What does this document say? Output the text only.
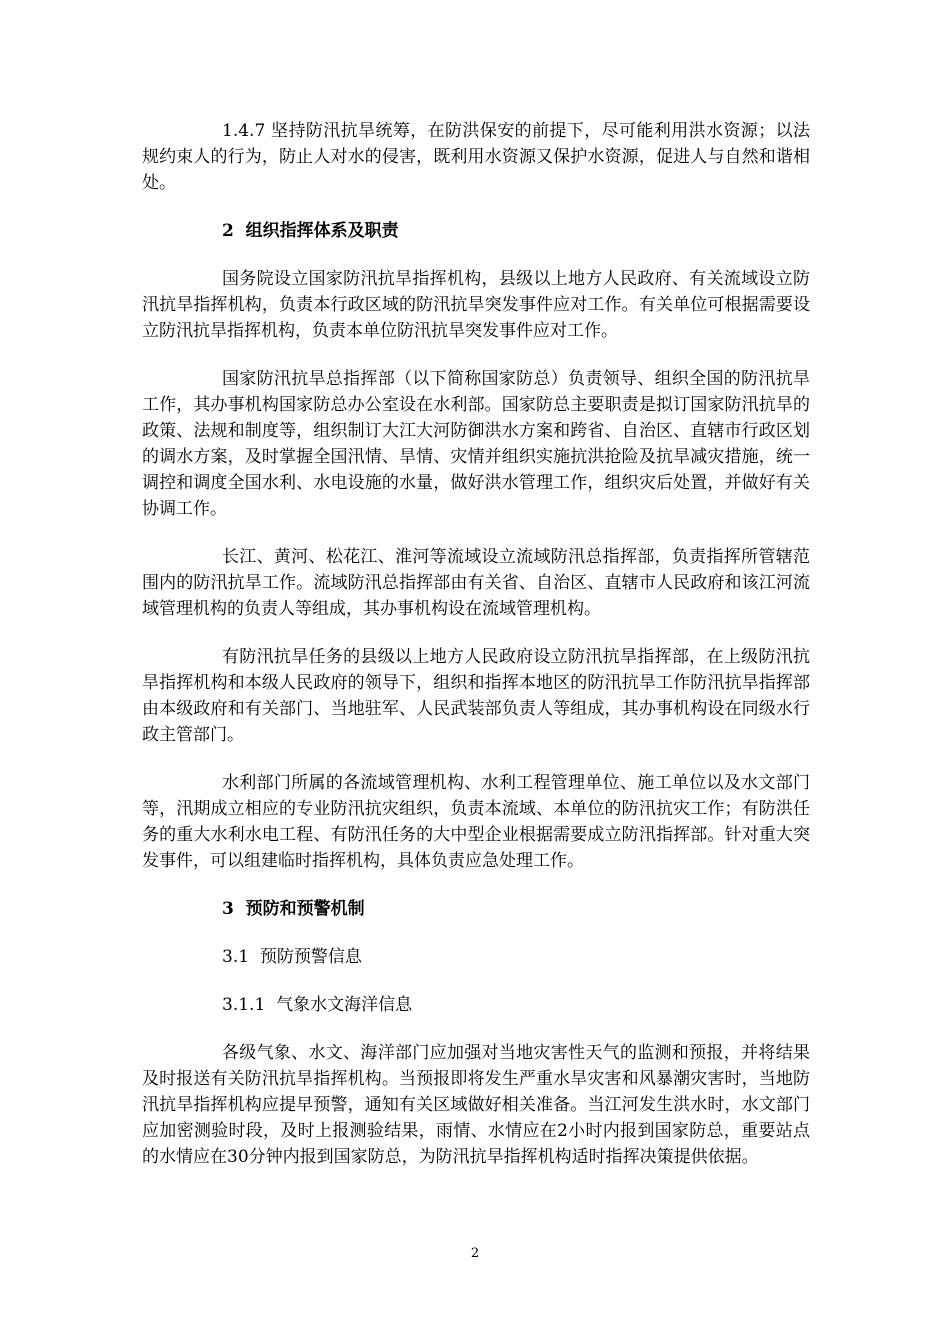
1.4.7 坚持防汛抗旱统筹，在防洪保安的前提下，尽可能利用洪水资源；以法规约束人的行为，防止人对水的侵害，既利用水资源又保护水资源，促进人与自然和谐相处。

2  组织指挥体系及职责

国务院设立国家防汛抗旱指挥机构，县级以上地方人民政府、有关流域设立防汛抗旱指挥机构，负责本行政区域的防汛抗旱突发事件应对工作。有关单位可根据需要设立防汛抗旱指挥机构，负责本单位防汛抗旱突发事件应对工作。

国家防汛抗旱总指挥部（以下简称国家防总）负责领导、组织全国的防汛抗旱工作，其办事机构国家防总办公室设在水利部。国家防总主要职责是拟订国家防汛抗旱的政策、法规和制度等，组织制订大江大河防御洪水方案和跨省、自治区、直辖市行政区划的调水方案，及时掌握全国汛情、旱情、灾情并组织实施抗洪抢险及抗旱减灾措施，统一调控和调度全国水利、水电设施的水量，做好洪水管理工作，组织灾后处置，并做好有关协调工作。

长江、黄河、松花江、淮河等流域设立流域防汛总指挥部，负责指挥所管辖范围内的防汛抗旱工作。流域防汛总指挥部由有关省、自治区、直辖市人民政府和该江河流域管理机构的负责人等组成，其办事机构设在流域管理机构。

有防汛抗旱任务的县级以上地方人民政府设立防汛抗旱指挥部，在上级防汛抗旱指挥机构和本级人民政府的领导下，组织和指挥本地区的防汛抗旱工作防汛抗旱指挥部由本级政府和有关部门、当地驻军、人民武装部负责人等组成，其办事机构设在同级水行政主管部门。

水利部门所属的各流域管理机构、水利工程管理单位、施工单位以及水文部门等，汛期成立相应的专业防汛抗灾组织，负责本流域、本单位的防汛抗灾工作；有防洪任务的重大水利水电工程、有防汛任务的大中型企业根据需要成立防汛指挥部。针对重大突发事件，可以组建临时指挥机构，具体负责应急处理工作。

3  预防和预警机制
3.1  预防预警信息
3.1.1  气象水文海洋信息

各级气象、水文、海洋部门应加强对当地灾害性天气的监测和预报，并将结果及时报送有关防汛抗旱指挥机构。当预报即将发生严重水旱灾害和风暴潮灾害时，当地防汛抗旱指挥机构应提早预警，通知有关区域做好相关准备。当江河发生洪水时，水文部门应加密测验时段，及时上报测验结果，雨情、水情应在2小时内报到国家防总，重要站点的水情应在30分钟内报到国家防总，为防汛抗旱指挥机构适时指挥决策提供依据。

2
